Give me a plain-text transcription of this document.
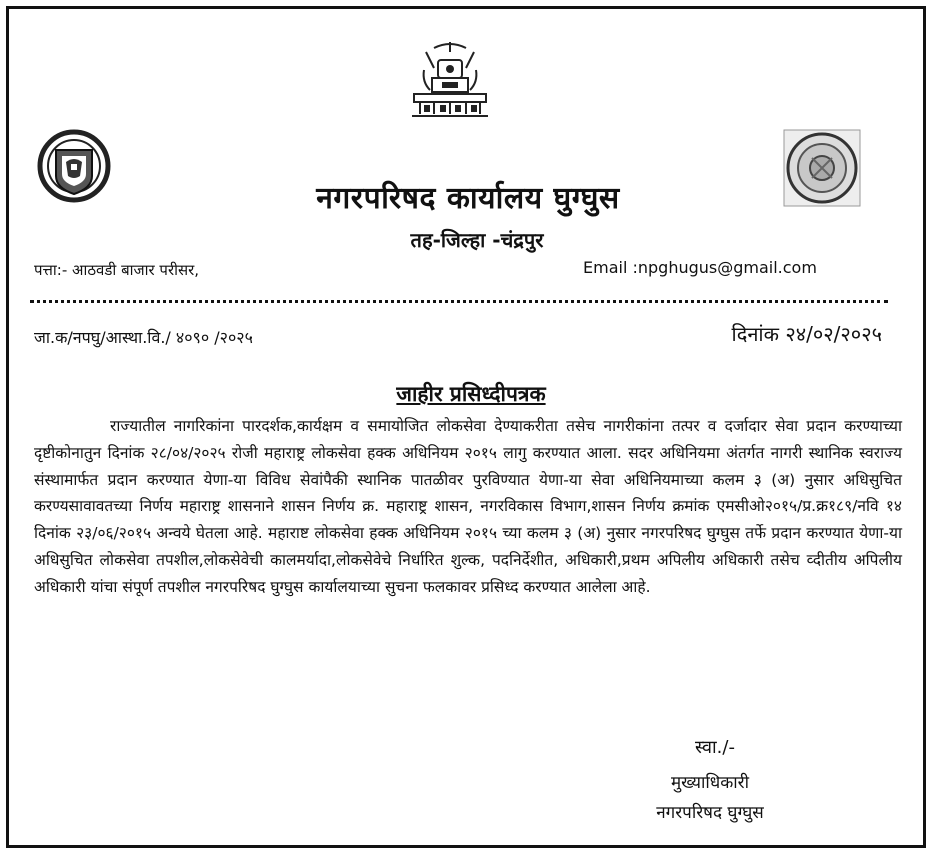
नगरपरिषद कार्यालय घुग्घुस
तह-जिल्हा -चंद्रपुर
पत्ता:- आठवडी बाजार परीसर,	Email :npghugus@gmail.com
जा.क/नपघु/आस्था.वि./ ४०९० /२०२५	दिनांक २४/०२/२०२५
जाहीर प्रसिध्दीपत्रक
राज्यातील नागरिकांना पारदर्शक,कार्यक्षम व समायोजित लोकसेवा देण्याकरीता तसेच नागरीकांना तत्पर व दर्जादार सेवा प्रदान करण्याच्या दृष्टीकोनातुन दिनांक २८/०४/२०२५ रोजी महाराष्ट्र लोकसेवा हक्क अधिनियम २०१५ लागु करण्यात आला. सदर अधिनियमा अंतर्गत नागरी स्थानिक स्वराज्य संस्थामार्फत प्रदान करण्यात येणा-या विविध सेवांपैकी स्थानिक पातळीवर पुरविण्यात येणा-या सेवा अधिनियमाच्या कलम ३ (अ) नुसार अधिसुचित करण्यसावावतच्या निर्णय महाराष्ट्र शासनाने शासन निर्णय क्र. महाराष्ट्र शासन, नगरविकास विभाग,शासन निर्णय क्रमांक एमसीओ२०१५/प्र.क्र१८९/नवि १४ दिनांक २३/०६/२०१५ अन्वये घेतला आहे. महाराष्ट लोकसेवा हक्क अधिनियम २०१५ च्या कलम ३ (अ) नुसार नगरपरिषद घुग्घुस तर्फे प्रदान करण्यात येणा-या अधिसुचित लोकसेवा तपशील,लोकसेवेची कालमर्यादा,लोकसेवेचे निर्धारित शुल्क, पदनिर्देशीत, अधिकारी,प्रथम अपिलीय अधिकारी तसेच व्दीतीय अपिलीय अधिकारी यांचा संपूर्ण तपशील नगरपरिषद घुग्घुस कार्यालयाच्या सुचना फलकावर प्रसिध्द करण्यात आलेला आहे.
स्वा./-
मुख्याधिकारी
नगरपरिषद घुग्घुस
